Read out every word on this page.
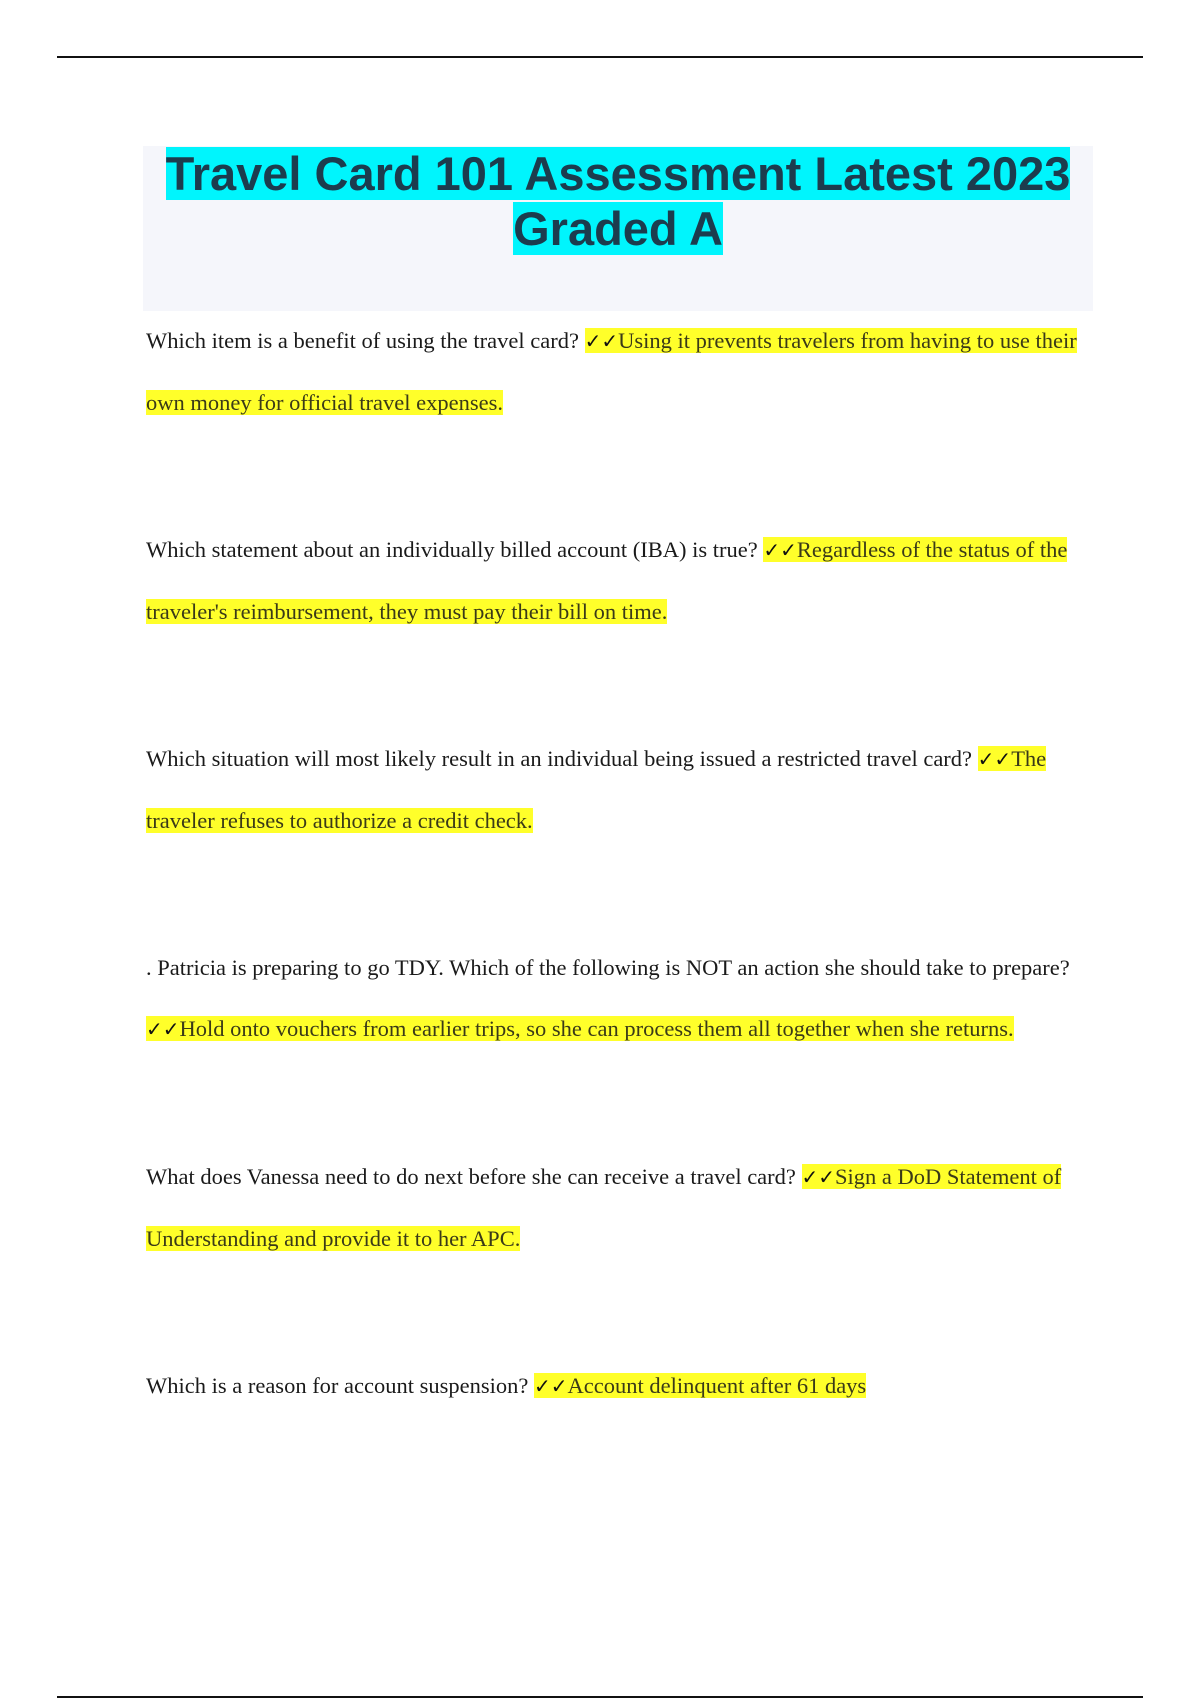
Travel Card 101 Assessment Latest 2023 Graded A

Which item is a benefit of using the travel card? ✓✓Using it prevents travelers from having to use their own money for official travel expenses.

Which statement about an individually billed account (IBA) is true? ✓✓Regardless of the status of the traveler's reimbursement, they must pay their bill on time.

Which situation will most likely result in an individual being issued a restricted travel card? ✓✓The traveler refuses to authorize a credit check.

. Patricia is preparing to go TDY. Which of the following is NOT an action she should take to prepare? ✓✓Hold onto vouchers from earlier trips, so she can process them all together when she returns.

What does Vanessa need to do next before she can receive a travel card? ✓✓Sign a DoD Statement of Understanding and provide it to her APC.

Which is a reason for account suspension? ✓✓Account delinquent after 61 days
